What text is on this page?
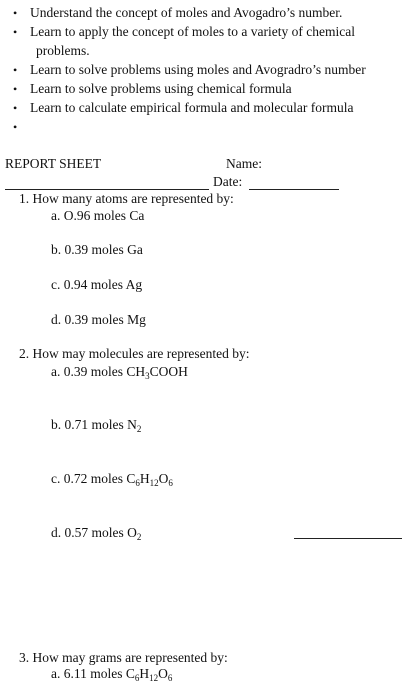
• Understand the concept of moles and Avogadro’s number.
• Learn to apply the concept of moles to a variety of chemical
problems.
• Learn to solve problems using moles and Avogradro’s number
• Learn to solve problems using chemical formula
• Learn to calculate empirical formula and molecular formula
•
REPORT SHEET	Name:
Date:
1. How many atoms are represented by:
a. O.96 moles Ca
b. 0.39 moles Ga
c. 0.94 moles Ag
d. 0.39 moles Mg
2. How may molecules are represented by:
a. 0.39 moles $CH_3COOH$
b. 0.71 moles $N_2$
c. 0.72 moles $C_6H_{12}O_6$
d. 0.57 moles $O_2$
3. How may grams are represented by:
a. 6.11 moles $C_6H_{12}O_6$
